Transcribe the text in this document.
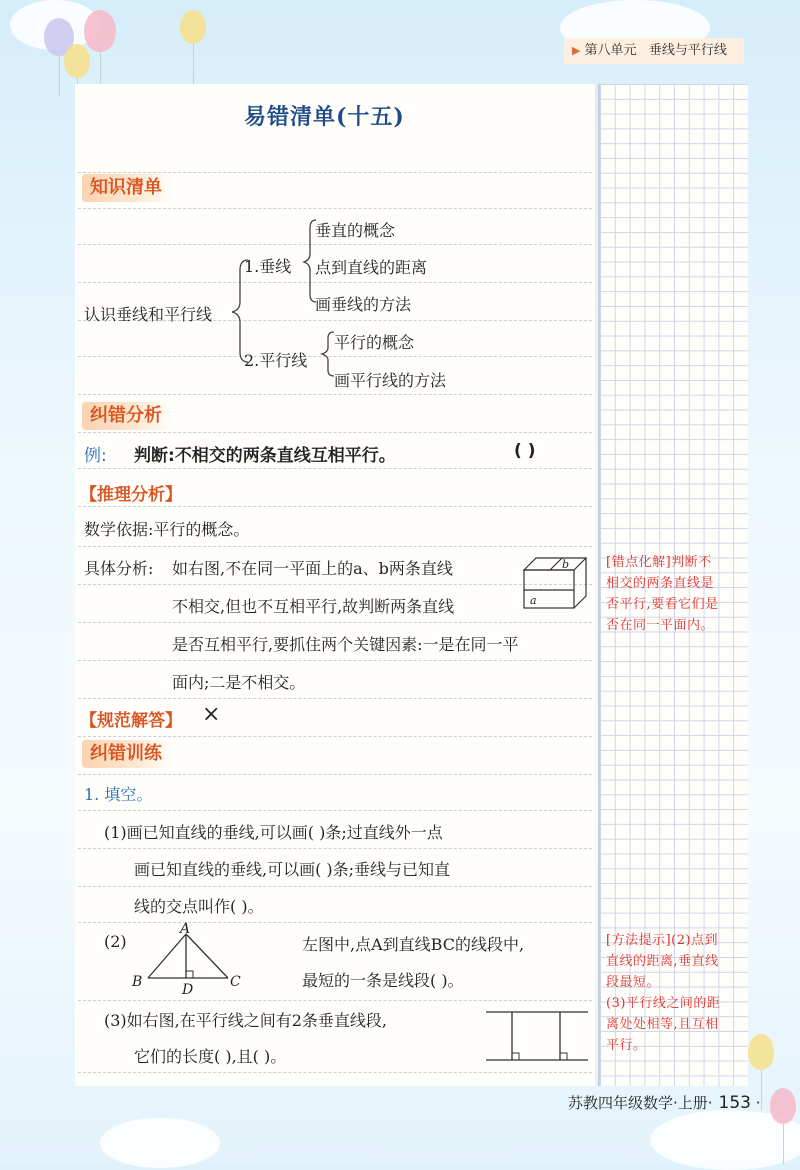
▶ 第八单元 垂线与平行线
易错清单(十五)
知识清单
认识垂线和平行线
1.垂线
垂直的概念
点到直线的距离
画垂线的方法
2.平行线
平行的概念
画平行线的方法
纠错分析
例: 判断:不相交的两条直线互相平行。	( )
【推理分析】
数学依据:平行的概念。
具体分析: 如右图,不在同一平面上的a、b两条直线
不相交,但也不互相平行,故判断两条直线
是否互相平行,要抓住两个关键因素:一是在同一平
面内;二是不相交。
b
a
【规范解答】 ×
纠错训练
1. 填空。
(1)画已知直线的垂线,可以画( )条;过直线外一点
画已知直线的垂线,可以画( )条;垂线与已知直
线的交点叫作( )。
(2)
A
B	C
D
左图中,点A到直线BC的线段中,
最短的一条是线段( )。
(3)如右图,在平行线之间有2条垂直线段,
它们的长度( ),且( )。
[错点化解]判断不
相交的两条直线是
否平行,要看它们是
否在同一平面内。
[方法提示](2)点到
直线的距离,垂直线
段最短。
(3)平行线之间的距
离处处相等,且互相
平行。
苏教四年级数学·上册· 153 ·
